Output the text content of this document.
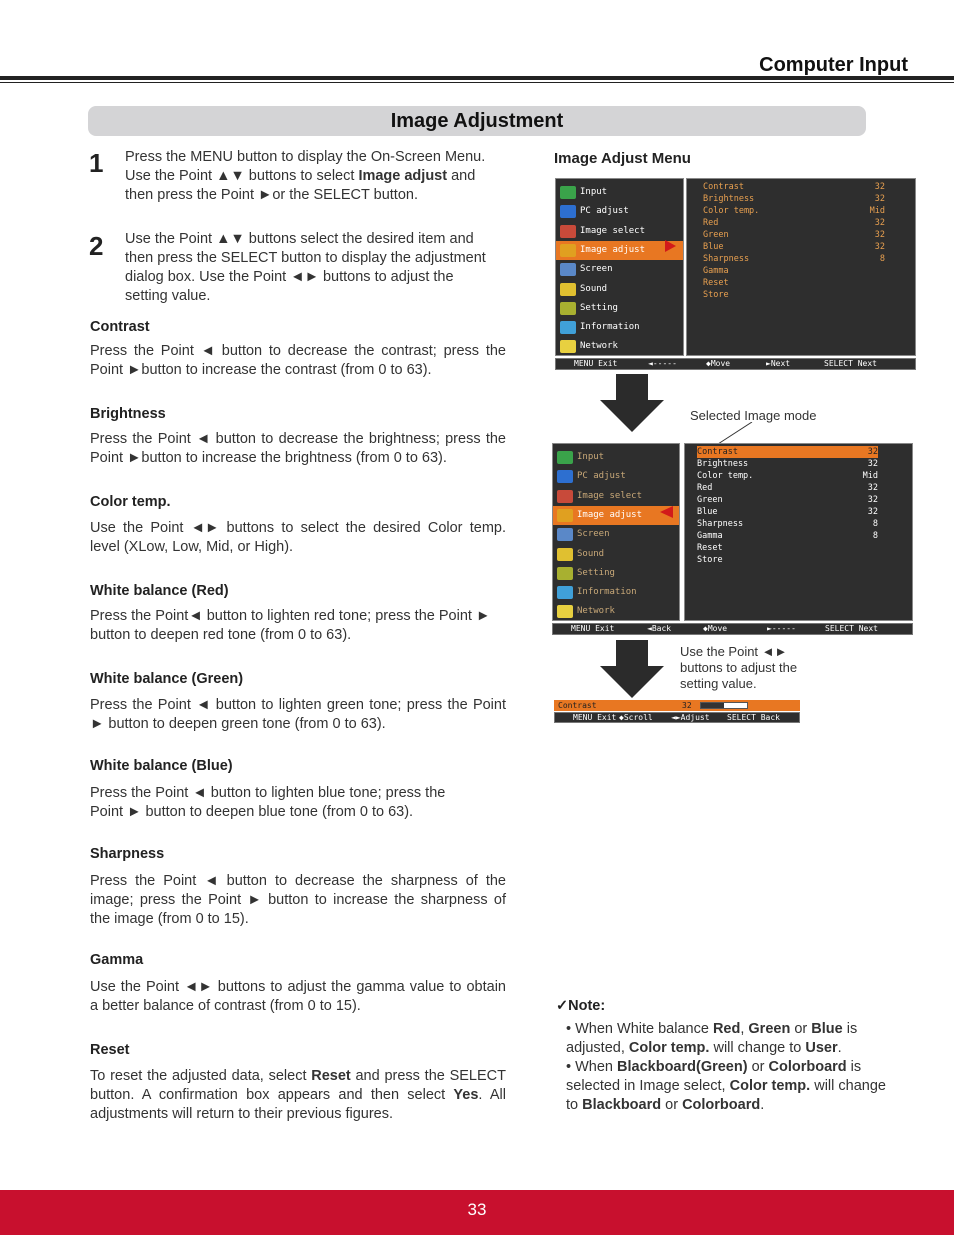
Computer Input
Image Adjustment
1 Press the MENU button to display the On-Screen Menu. Use the Point ▲▼ buttons to select Image adjust and then press the Point ►or the SELECT button.
2 Use the Point ▲▼ buttons select the desired item and then press the SELECT button to display the adjustment dialog box. Use the Point ◄► buttons to adjust the setting value.
Contrast
Press the Point ◄ button to decrease the contrast; press the Point ►button to increase the contrast (from 0 to 63).
Brightness
Press the Point ◄ button to decrease the brightness; press the Point ►button to increase the brightness (from 0 to 63).
Color temp.
Use the Point ◄► buttons to select the desired Color temp. level (XLow, Low, Mid, or High).
White balance (Red)
Press the Point◄ button to lighten red tone; press the Point ► button to deepen red tone (from 0 to 63).
White balance (Green)
Press the Point ◄ button to lighten green tone; press the Point ► button to deepen green tone (from 0 to 63).
White balance (Blue)
Press the Point ◄ button to lighten blue tone; press the Point ► button to deepen blue tone (from 0 to 63).
Sharpness
Press the Point ◄ button to decrease the sharpness of the image; press the Point ► button to increase the sharpness of the image (from 0 to 15).
Gamma
Use the Point ◄► buttons to adjust the gamma value to obtain a better balance of contrast (from 0 to 15).
Reset
To reset the adjusted data, select Reset and press the SELECT button. A confirmation box appears and then select Yes. All adjustments will return to their previous figures.
Image Adjust Menu
Input
PC adjust
Image select
Image adjust
Screen
Sound
Setting
Information
Network
Contrast	32
Brightness	32
Color temp.	Mid
Red	32
Green	32
Blue	32
Sharpness	8
Gamma
Reset
Store
MENU Exit	◄-----	◆Move	►Next	SELECT Next
Selected Image mode
Input
PC adjust
Image select
Image adjust
Screen
Sound
Setting
Information
Network
Contrast	32
Brightness	32
Color temp.	Mid
Red	32
Green	32
Blue	32
Sharpness	8
Gamma	8
Reset
Store
MENU Exit	◄Back	◆Move	►-----	SELECT Next
Use the Point ◄► buttons to adjust the setting value.
Contrast	32
MENU Exit ◆Scroll ◄►Adjust SELECT Back
✓Note:
• When White balance Red, Green or Blue is adjusted, Color temp. will change to User.
• When Blackboard(Green) or Colorboard is selected in Image select, Color temp. will change to Blackboard or Colorboard.
33
